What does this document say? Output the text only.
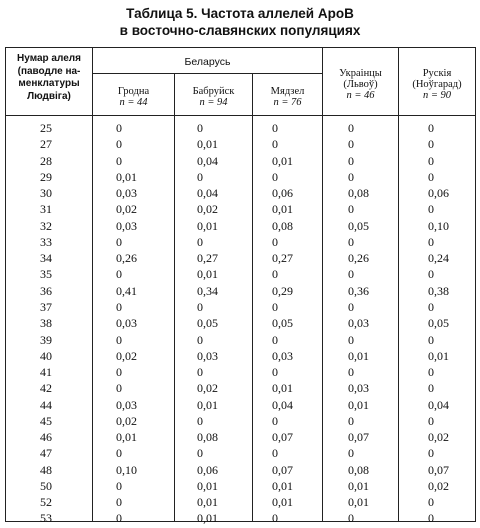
Таблица 5. Частота аллелей АроВ
в восточно-славянских популяциях
Нумар алеля
(паводле на-
менклатуры
Людвіга)
Беларусь
Гродна
n = 44
Бабруйск
n = 94
Мядзел
n = 76
Украінцы
(Львоў)
n = 46
Рускія
(Ноўгарад)
n = 90
25	0	0	0	0	0
27	0	0,01	0	0	0
28	0	0,04	0,01	0	0
29	0,01	0	0	0	0
30	0,03	0,04	0,06	0,08	0,06
31	0,02	0,02	0,01	0	0
32	0,03	0,01	0,08	0,05	0,10
33	0	0	0	0	0
34	0,26	0,27	0,27	0,26	0,24
35	0	0,01	0	0	0
36	0,41	0,34	0,29	0,36	0,38
37	0	0	0	0	0
38	0,03	0,05	0,05	0,03	0,05
39	0	0	0	0	0
40	0,02	0,03	0,03	0,01	0,01
41	0	0	0	0	0
42	0	0,02	0,01	0,03	0
44	0,03	0,01	0,04	0,01	0,04
45	0,02	0	0	0	0
46	0,01	0,08	0,07	0,07	0,02
47	0	0	0	0	0
48	0,10	0,06	0,07	0,08	0,07
50	0	0,01	0,01	0,01	0,02
52	0	0,01	0,01	0,01	0
53	0	0,01	0	0	0
